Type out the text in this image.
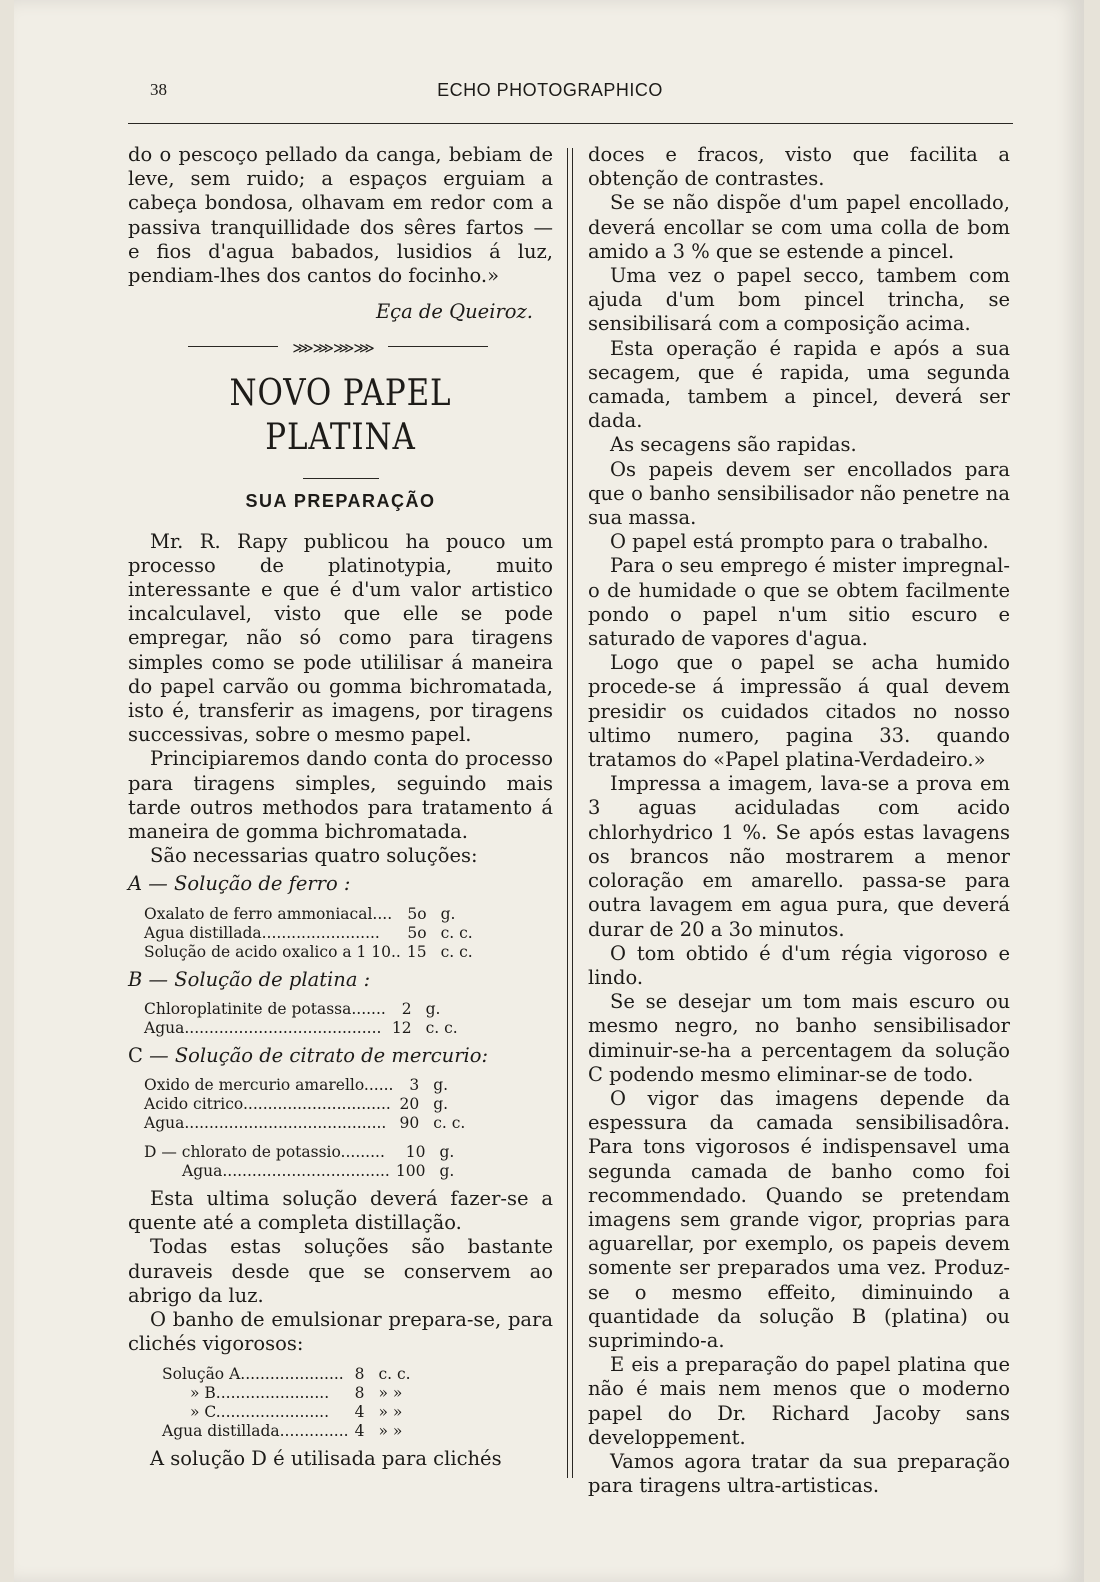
38	ECHO PHOTOGRAPHICO

do o pescoço pellado da canga, bebiam de leve, sem ruido; a espaços erguiam a cabeça bondosa, olhavam em redor com a passiva tranquillidade dos sêres fartos — e fios d'agua babados, lusidios á luz, pendiam-lhes dos cantos do focinho.»

Eça de Queiroz.
⋙⋙⋙⋙
NOVO PAPEL PLATINA
SUA PREPARAÇÃO

Mr. R. Rapy publicou ha pouco um processo de platinotypia, muito interessante e que é d'um valor artistico incalculavel, visto que elle se pode empregar, não só como para tiragens simples como se pode utililisar á maneira do papel carvão ou gomma bichromatada, isto é, transferir as imagens, por tiragens successivas, sobre o mesmo papel.

Principiaremos dando conta do processo para tiragens simples, seguindo mais tarde outros methodos para tratamento á maneira de gomma bichromatada.

São necessarias quatro soluções:

A — Solução de ferro :
Oxalato de ferro ammoniacal....	5o	g.
Agua distillada........................	5o	c. c.
Solução de acido oxalico a 1 10..	15	c. c.
B — Solução de platina :
Chloroplatinite de potassa.......	2	g.
Agua........................................	12	c. c.
C — Solução de citrato de mercurio:
Oxido de mercurio amarello......	3	g.
Acido citrico..............................	20	g.
Agua.........................................	90	c. c.
D — chlorato de potassio.........	10	g.
Agua..................................	100	g.

Esta ultima solução deverá fazer-se a quente até a completa distillação.

Todas estas soluções são bastante duraveis desde que se conservem ao abrigo da luz.

O banho de emulsionar prepara-se, para clichés vigorosos:

Solução A.....................	8	c. c.
» B.......................	8	» »
» C.......................	4	» »
Agua distillada..............	4	» »

A solução D é utilisada para clichés

doces e fracos, visto que facilita a obtenção de contrastes.

Se se não dispõe d'um papel encollado, deverá encollar se com uma colla de bom amido a 3 % que se estende a pincel.

Uma vez o papel secco, tambem com ajuda d'um bom pincel trincha, se sensibilisará com a composição acima.

Esta operação é rapida e após a sua secagem, que é rapida, uma segunda camada, tambem a pincel, deverá ser dada.

As secagens são rapidas.

Os papeis devem ser encollados para que o banho sensibilisador não penetre na sua massa.

O papel está prompto para o trabalho.

Para o seu emprego é mister impregnal-o de humidade o que se obtem facilmente pondo o papel n'um sitio escuro e saturado de vapores d'agua.

Logo que o papel se acha humido procede-se á impressão á qual devem presidir os cuidados citados no nosso ultimo numero, pagina 33. quando tratamos do «Papel platina-Verdadeiro.»

Impressa a imagem, lava-se a prova em 3 aguas aciduladas com acido chlorhydrico 1 %. Se após estas lavagens os brancos não mostrarem a menor coloração em amarello. passa-se para outra lavagem em agua pura, que deverá durar de 20 a 3o minutos.

O tom obtido é d'um régia vigoroso e lindo.

Se se desejar um tom mais escuro ou mesmo negro, no banho sensibilisador diminuir-se-ha a percentagem da solução C podendo mesmo eliminar-se de todo.

O vigor das imagens depende da espessura da camada sensibilisadôra. Para tons vigorosos é indispensavel uma segunda camada de banho como foi recommendado. Quando se pretendam imagens sem grande vigor, proprias para aguarellar, por exemplo, os papeis devem somente ser preparados uma vez. Produz-se o mesmo effeito, diminuindo a quantidade da solução B (platina) ou suprimindo-a.

E eis a preparação do papel platina que não é mais nem menos que o moderno papel do Dr. Richard Jacoby sans developpement.

Vamos agora tratar da sua preparação para tiragens ultra-artisticas.
